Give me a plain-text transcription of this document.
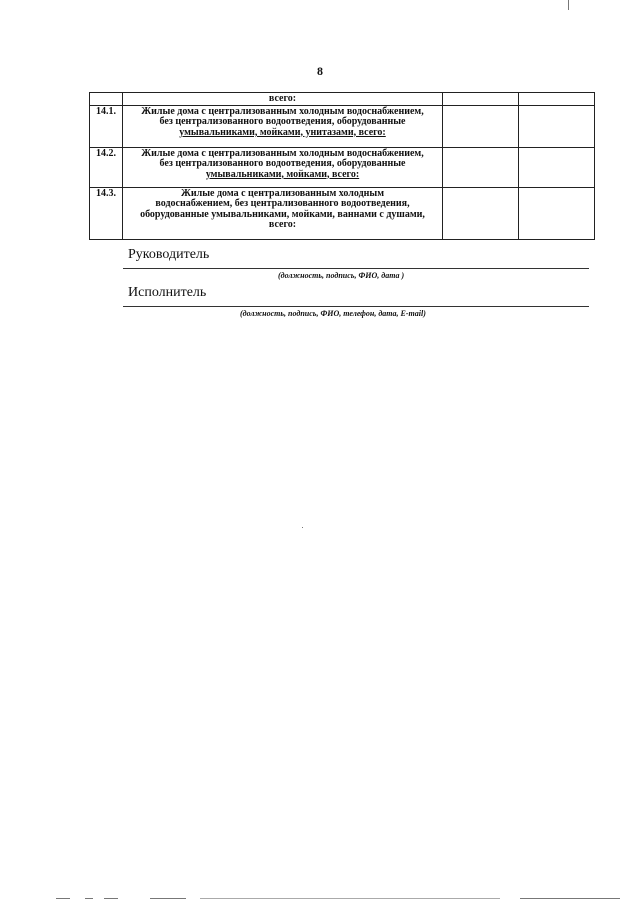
8

	всего:		

14.1.	Жилые дома с централизованным холодным водоснабжением,
без централизованного водоотведения, оборудованные
умывальниками, мойками, унитазами, всего:		

14.2.	Жилые дома с централизованным холодным водоснабжением,
без централизованного водоотведения, оборудованные
умывальниками, мойками, всего:		

14.3.	Жилые дома с централизованным холодным
водоснабжением, без централизованного водоотведения,
оборудованные умывальниками, мойками, ваннами с душами,
всего:		

Руководитель
(должность, подпись, ФИО, дата )
Исполнитель
(должность, подпись, ФИО, телефон, дата, E-mail)
